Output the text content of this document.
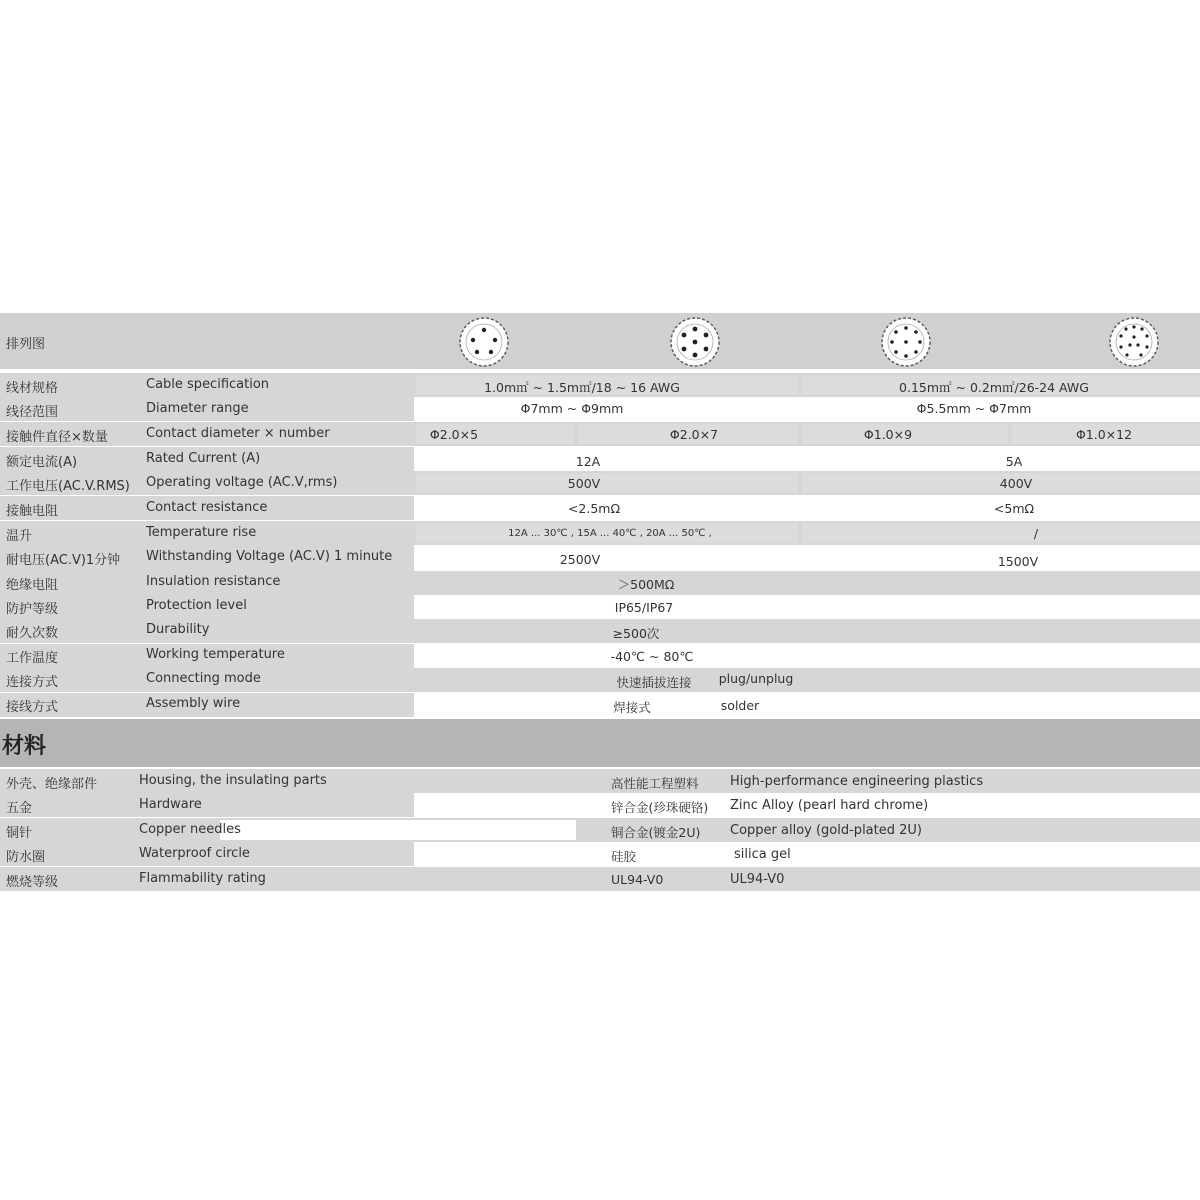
排列图
线材规格	Cable specification	1.0m㎡ ~ 1.5m㎡/18 ~ 16 AWG	0.15m㎡ ~ 0.2m㎡/26-24 AWG
线径范围	Diameter range	Φ7mm ~ Φ9mm	Φ5.5mm ~ Φ7mm
接触件直径×数量	Contact diameter × number	Φ2.0×5	Φ2.0×7	Φ1.0×9	Φ1.0×12
额定电流(A)	Rated Current (A)	12A	5A
工作电压(AC.V.RMS) Operating voltage (AC.V,rms)	500V	400V
接触电阻	Contact resistance	<2.5mΩ	<5mΩ
温升	Temperature rise	12A ... 30℃ , 15A ... 40℃ , 20A ... 50℃ ,	/
耐电压(AC.V)1分钟 Withstanding Voltage (AC.V) 1 minute	2500V	1500V
绝缘电阻	Insulation resistance	＞500MΩ
防护等级	Protection level	IP65/IP67
耐久次数	Durability	≥500次
工作温度	Working temperature	-40℃ ~ 80℃
连接方式	Connecting mode	快速插拔连接 plug/unplug
接线方式	Assembly wire	焊接式	solder
材料
外壳、绝缘部件	Housing, the insulating parts	高性能工程塑料 High-performance engineering plastics
五金	Hardware	锌合金(珍珠硬铬) Zinc Alloy (pearl hard chrome)
铜针	Copper needles	铜合金(镀金2U) Copper alloy (gold-plated 2U)
防水圈	Waterproof circle	硅胶	silica gel
燃烧等级	Flammability rating	UL94-V0	UL94-V0
